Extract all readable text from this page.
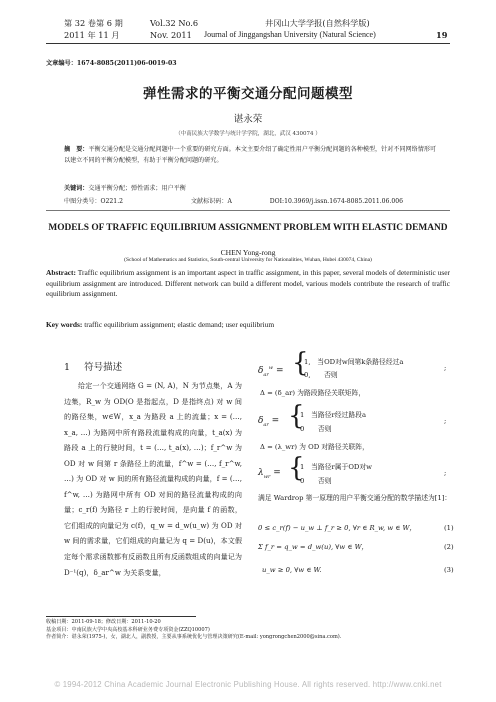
第 32 卷第 6 期	Vol.32 No.6	井冈山大学学报(自然科学版)
2011 年 11 月	Nov. 2011 Journal of Jinggangshan University (Natural Science)	19
文章编号：1674-8085(2011)06-0019-03
弹性需求的平衡交通分配问题模型
谌永荣
（中南民族大学数学与统计学学院，湖北，武汉 430074 ）
摘　要：平衡交通分配是交通分配问题中一个重要的研究方面。本文主要介绍了确定性用户平衡分配问题的各种模型，针对不同网络情形可以建立不同的平衡分配模型，有助于平衡分配问题的研究。
关键词：交通平衡分配；弹性需求；用户平衡
中图分类号：O221.2	文献标识码：A	DOI:10.3969/j.issn.1674-8085.2011.06.006
MODELS OF TRAFFIC EQUILIBRIUM ASSIGNMENT PROBLEM WITH ELASTIC DEMAND
CHEN Yong-rong
(School of Mathematics and Statistics, South-central University for Nationalities, Wuhan, Hubei 430074, China)
Abstract: Traffic equilibrium assignment is an important aspect in traffic assignment, in this paper, several models of deterministic user equilibrium assignment are introduced. Different network can build a different model, various models contribute the research of traffic equilibrium assignment.
Key words: traffic equilibrium assignment; elastic demand; user equilibrium
1 符号描述

给定一个交通网络 G = (N, A)，N 为节点集，A 为边集，R_w 为 OD(O 是指起点，D 是指终点) 对 w 间的路径集，w∈W，x_a 为路段 a 上的流量；x = (…, x_a, …) 为路网中所有路段流量构成的向量，t_a(x) 为路段 a 上的行驶时间，t = (…, t_a(x), …)；f_r^w 为 OD 对 w 间第 r 条路径上的流量，f^w = (…, f_r^w, …) 为 OD 对 w 间的所有路径流量构成的向量，f = (…, f^w, …) 为路网中所有 OD 对间的路径流量构成的向量；c_r(f) 为路径 r 上的行驶时间，是向量 f 的函数，它们组成的向量记为 c(f)，q_w = d_w(u_w) 为 OD 对 w 间的需求量，它们组成的向量记为 q = D(u)，本文假定每个需求函数都有反函数且所有反函数组成的向量记为 D⁻¹(q)，δ_ar^w 为关系变量，

$\delta_{ar}^w$ = {
1,　当OD对w间第k条路径经过a
0,　　否则
;
Δ = (δ_ar) 为路段路径关联矩阵，
$\delta_{ar}$ = {
1　当路径r经过路段a
0　　否则
;
Δ = (λ_wr) 为 OD 对路径关联阵，
$\lambda_{wr}$ = {
1　当路径r属于OD对w
0　　否则
;
满足 Wardrop 第一原理的用户平衡交通分配的数学描述为[1]：
0 ≤ c_r(f) − u_w ⊥ f_r ≥ 0, ∀r ∈ R_w, w ∈ W，	(1)
Σ f_r = q_w = d_w(u), ∀w ∈ W，	(2)
u_w ≥ 0, ∀w ∈ W.	(3)
收稿日期：2011-09-18；修改日期：2011-10-20
基金项目：中南民族大学中央高校基本科研业务费专项资金(ZZQ10007)
作者简介：谌永荣(1975-)，女，湖北人，副教授，主要从事系统优化与管理决策研究(E-mail: yongrongchen2000@sina.com).
© 1994-2012 China Academic Journal Electronic Publishing House. All rights reserved. http://www.cnki.net
